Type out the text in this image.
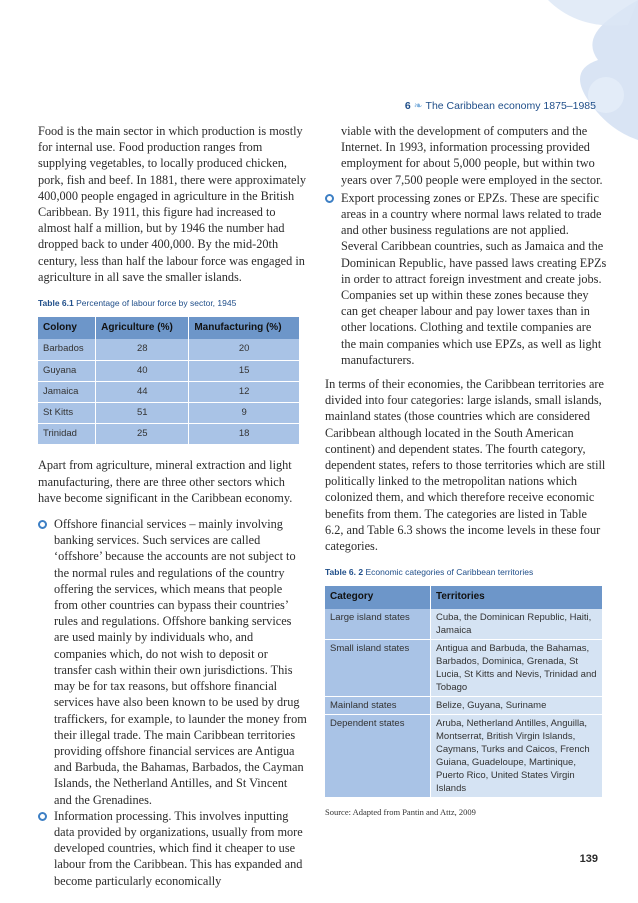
6 ❧ The Caribbean economy 1875–1985

Food is the main sector in which production is mostly for internal use. Food production ranges from supplying vegetables, to locally produced chicken, pork, fish and beef. In 1881, there were approximately 400,000 people engaged in agriculture in the British Caribbean. By 1911, this figure had increased to almost half a million, but by 1946 the number had dropped back to under 400,000. By the mid-20th century, less than half the labour force was engaged in agriculture in all save the smaller islands.

Table 6.1 Percentage of labour force by sector, 1945
Colony	Agriculture (%)	Manufacturing (%)
Barbados	28	20
Guyana	40	15
Jamaica	44	12
St Kitts	51	9
Trinidad	25	18

Apart from agriculture, mineral extraction and light manufacturing, there are three other sectors which have become significant in the Caribbean economy.

Offshore financial services – mainly involving banking services. Such services are called ‘offshore’ because the accounts are not subject to the normal rules and regulations of the country offering the services, which means that people from other countries can bypass their countries’ rules and regulations. Offshore banking services are used mainly by individuals who, and companies which, do not wish to deposit or transfer cash within their own jurisdictions. This may be for tax reasons, but offshore financial services have also been known to be used by drug traffickers, for example, to launder the money from their illegal trade. The main Caribbean territories providing offshore financial services are Antigua and Barbuda, the Bahamas, Barbados, the Cayman Islands, the Netherland Antilles, and St Vincent and the Grenadines.
Information processing. This involves inputting data provided by organizations, usually from more developed countries, which find it cheaper to use labour from the Caribbean. This has expanded and become particularly economically

viable with the development of computers and the Internet. In 1993, information processing provided employment for about 5,000 people, but within two years over 7,500 people were employed in the sector.

Export processing zones or EPZs. These are specific areas in a country where normal laws related to trade and other business regulations are not applied. Several Caribbean countries, such as Jamaica and the Dominican Republic, have passed laws creating EPZs in order to attract foreign investment and create jobs. Companies set up within these zones because they can get cheaper labour and pay lower taxes than in other locations. Clothing and textile companies are the main companies which use EPZs, as well as light manufacturers.

In terms of their economies, the Caribbean territories are divided into four categories: large islands, small islands, mainland states (those countries which are considered Caribbean although located in the South American continent) and dependent states. The fourth category, dependent states, refers to those territories which are still politically linked to the metropolitan nations which colonized them, and which therefore receive economic benefits from them. The categories are listed in Table 6.2, and Table 6.3 shows the income levels in these four categories.

Table 6. 2 Economic categories of Caribbean territories
Category	Territories
Large island states	Cuba, the Dominican Republic, Haiti, Jamaica
Small island states	Antigua and Barbuda, the Bahamas, Barbados, Dominica, Grenada, St Lucia, St Kitts and Nevis, Trinidad and Tobago
Mainland states	Belize, Guyana, Suriname
Dependent states	Aruba, Netherland Antilles, Anguilla, Montserrat, British Virgin Islands, Caymans, Turks and Caicos, French Guiana, Guadeloupe, Martinique, Puerto Rico, United States Virgin Islands
Source: Adapted from Pantin and Attz, 2009
139
